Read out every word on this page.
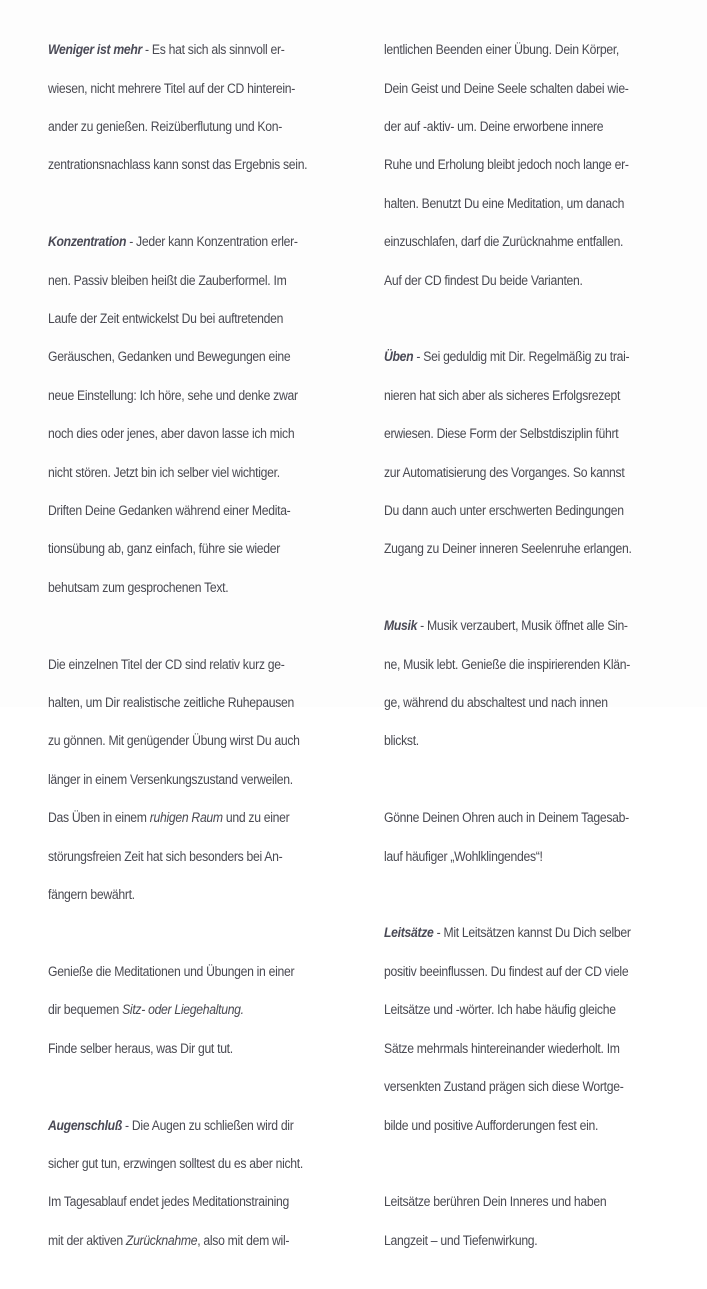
Weniger ist mehr - Es hat sich als sinnvoll er-

wiesen, nicht mehrere Titel auf der CD hinterein-

ander zu genießen. Reizüberflutung und Kon-

zentrationsnachlass kann sonst das Ergebnis sein.

Konzentration - Jeder kann Konzentration erler-

nen. Passiv bleiben heißt die Zauberformel. Im

Laufe der Zeit entwickelst Du bei auftretenden

Geräuschen, Gedanken und Bewegungen eine

neue Einstellung: Ich höre, sehe und denke zwar

noch dies oder jenes, aber davon lasse ich mich

nicht stören. Jetzt bin ich selber viel wichtiger.

Driften Deine Gedanken während einer Medita-

tionsübung ab, ganz einfach, führe sie wieder

behutsam zum gesprochenen Text.

Die einzelnen Titel der CD sind relativ kurz ge-

halten, um Dir realistische zeitliche Ruhepausen

zu gönnen. Mit genügender Übung wirst Du auch

länger in einem Versenkungszustand verweilen.

Das Üben in einem ruhigen Raum und zu einer

störungsfreien Zeit hat sich besonders bei An-

fängern bewährt.

Genieße die Meditationen und Übungen in einer

dir bequemen Sitz- oder Liegehaltung.

Finde selber heraus, was Dir gut tut.

Augenschluß - Die Augen zu schließen wird dir

sicher gut tun, erzwingen solltest du es aber nicht.

Im Tagesablauf endet jedes Meditationstraining

mit der aktiven Zurücknahme, also mit dem wil-

lentlichen Beenden einer Übung. Dein Körper,

Dein Geist und Deine Seele schalten dabei wie-

der auf -aktiv- um. Deine erworbene innere

Ruhe und Erholung bleibt jedoch noch lange er-

halten. Benutzt Du eine Meditation, um danach

einzuschlafen, darf die Zurücknahme entfallen.

Auf der CD findest Du beide Varianten.

Üben - Sei geduldig mit Dir. Regelmäßig zu trai-

nieren hat sich aber als sicheres Erfolgsrezept

erwiesen. Diese Form der Selbstdisziplin führt

zur Automatisierung des Vorganges. So kannst

Du dann auch unter erschwerten Bedingungen

Zugang zu Deiner inneren Seelenruhe erlangen.

Musik - Musik verzaubert, Musik öffnet alle Sin-

ne, Musik lebt. Genieße die inspirierenden Klän-

ge, während du abschaltest und nach innen

blickst.

Gönne Deinen Ohren auch in Deinem Tagesab-

lauf häufiger „Wohlklingendes“!

Leitsätze - Mit Leitsätzen kannst Du Dich selber

positiv beeinflussen. Du findest auf der CD viele

Leitsätze und -wörter. Ich habe häufig gleiche

Sätze mehrmals hintereinander wiederholt. Im

versenkten Zustand prägen sich diese Wortge-

bilde und positive Aufforderungen fest ein.

Leitsätze berühren Dein Inneres und haben

Langzeit – und Tiefenwirkung.
